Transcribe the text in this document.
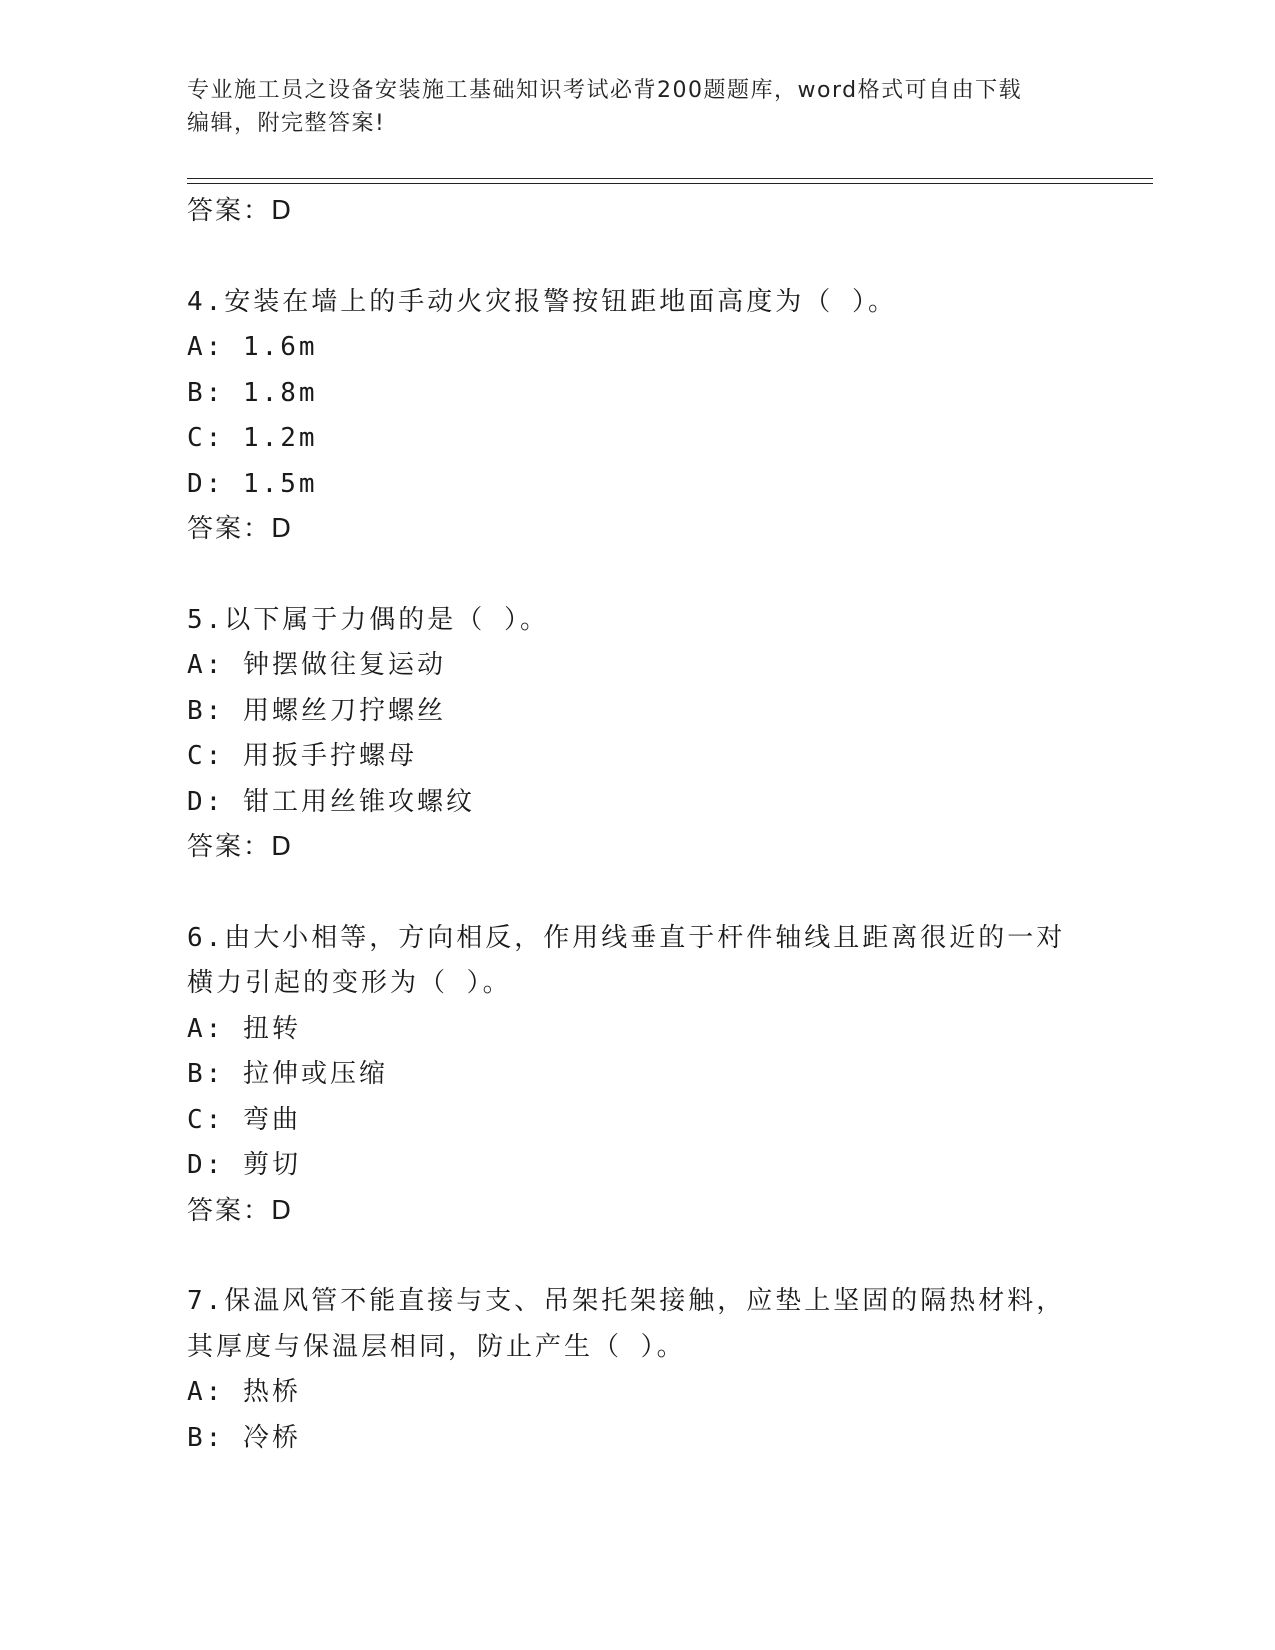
专业施工员之设备安装施工基础知识考试必背200题题库，word格式可自由下载
编辑，附完整答案!
答案：D
4.安装在墙上的手动火灾报警按钮距地面高度为（ ）。
A: 1.6m
B: 1.8m
C: 1.2m
D: 1.5m
答案：D
5.以下属于力偶的是（ ）。
A: 钟摆做往复运动
B: 用螺丝刀拧螺丝
C: 用扳手拧螺母
D: 钳工用丝锥攻螺纹
答案：D
6.由大小相等，方向相反，作用线垂直于杆件轴线且距离很近的一对
横力引起的变形为（ ）。
A: 扭转
B: 拉伸或压缩
C: 弯曲
D: 剪切
答案：D
7.保温风管不能直接与支、吊架托架接触，应垫上坚固的隔热材料，
其厚度与保温层相同，防止产生（ ）。
A: 热桥
B: 冷桥
